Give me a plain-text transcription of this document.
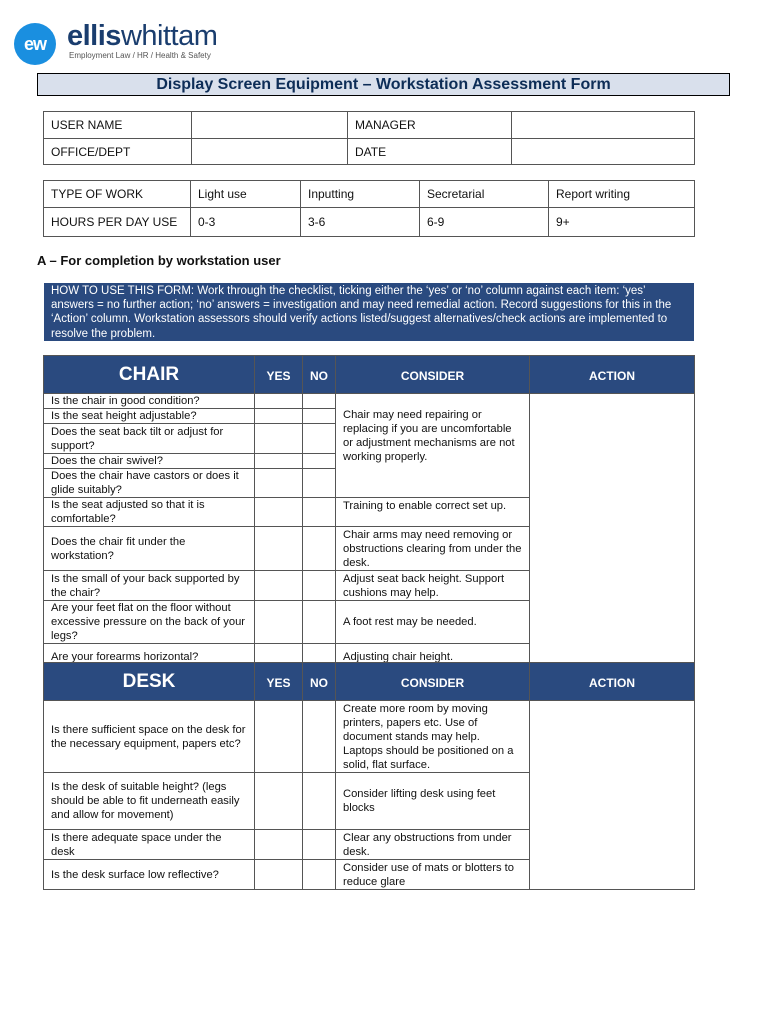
ew elliswhittam
Employment Law / HR / Health & Safety
Display Screen Equipment – Workstation Assessment Form
USER NAME		MANAGER	
OFFICE/DEPT		DATE	
TYPE OF WORK	Light use	Inputting	Secretarial	Report writing
HOURS PER DAY USE	0-3	3-6	6-9	9+
A – For completion by workstation user
HOW TO USE THIS FORM: Work through the checklist, ticking either the ‘yes’ or ‘no’ column against each item: ‘yes’ answers = no further action; ‘no’ answers = investigation and may need remedial action. Record suggestions for this in the ‘Action’ column. Workstation assessors should verify actions listed/suggest alternatives/check actions are implemented to resolve the problem.
CHAIR	YES	NO	CONSIDER	ACTION
Is the chair in good condition?			Chair may need repairing or replacing if you are uncomfortable or adjustment mechanisms are not working properly.	
Is the seat height adjustable?				
Does the seat back tilt or adjust for support?				
Does the chair swivel?				
Does the chair have castors or does it glide suitably?				
Is the seat adjusted so that it is comfortable?			Training to enable correct set up.	
Does the chair fit under the workstation?			Chair arms may need removing or obstructions clearing from under the desk.	
Is the small of your back supported by the chair?			Adjust seat back height. Support cushions may help.	
Are your feet flat on the floor without excessive pressure on the back of your legs?			A foot rest may be needed.	
Are your forearms horizontal?			Adjusting chair height.	
DESK	YES	NO	CONSIDER	ACTION
Is there sufficient space on the desk for the necessary equipment, papers etc?			Create more room by moving printers, papers etc. Use of document stands may help. Laptops should be positioned on a solid, flat surface.	
Is the desk of suitable height? (legs should be able to fit underneath easily and allow for movement)			Consider lifting desk using feet blocks	
Is there adequate space under the desk			Clear any obstructions from under desk.	
Is the desk surface low reflective?			Consider use of mats or blotters to reduce glare	
